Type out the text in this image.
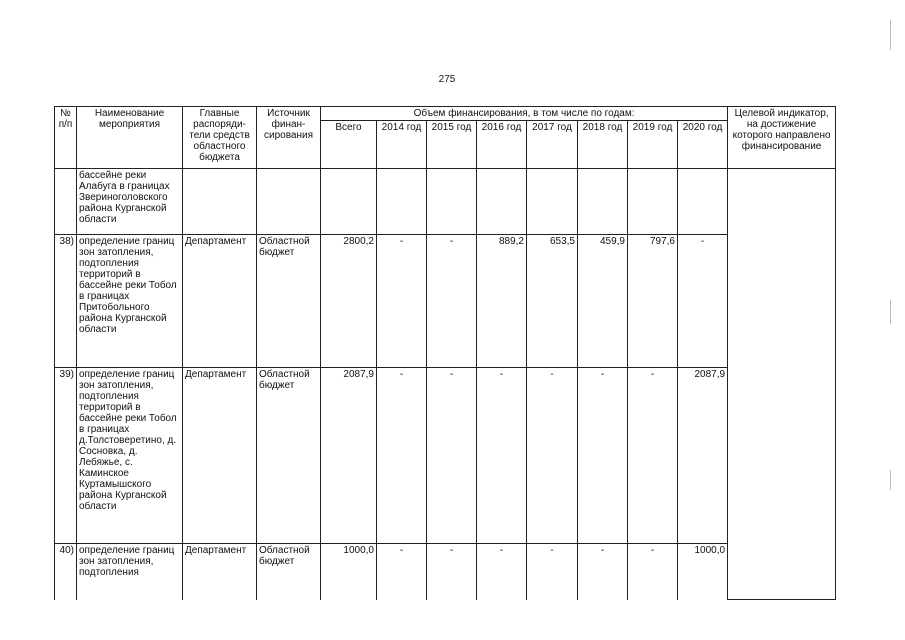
275
№ п/п	Наименование мероприятия	Главные распоряди-тели средств областного бюджета	Источник финан-сирования	Объем финансирования, в том числе по годам:								Целевой индикатор, на достижение которого направлено финансирование
				Всего	2014 год	2015 год	2016 год	2017 год	2018 год	2019 год	2020 год	
	бассейне реки Алабуга в границах Звериноголовского района Курганской области											
38)	определение границ зон затопления, подтопления территорий в бассейне реки Тобол в границах Притобольного района Курганской области	Департамент	Областной бюджет	2800,2	-	-	889,2	653,5	459,9	797,6	-	
39)	определение границ зон затопления, подтопления территорий в бассейне реки Тобол в границах д.Толстоверетино, д. Сосновка, д. Лебяжье, с. Каминское Куртамышского района Курганской области	Департамент	Областной бюджет	2087,9	-	-	-	-	-	-	2087,9	
40)	определение границ зон затопления, подтопления	Департамент	Областной бюджет	1000,0	-	-	-	-	-	-	1000,0	
